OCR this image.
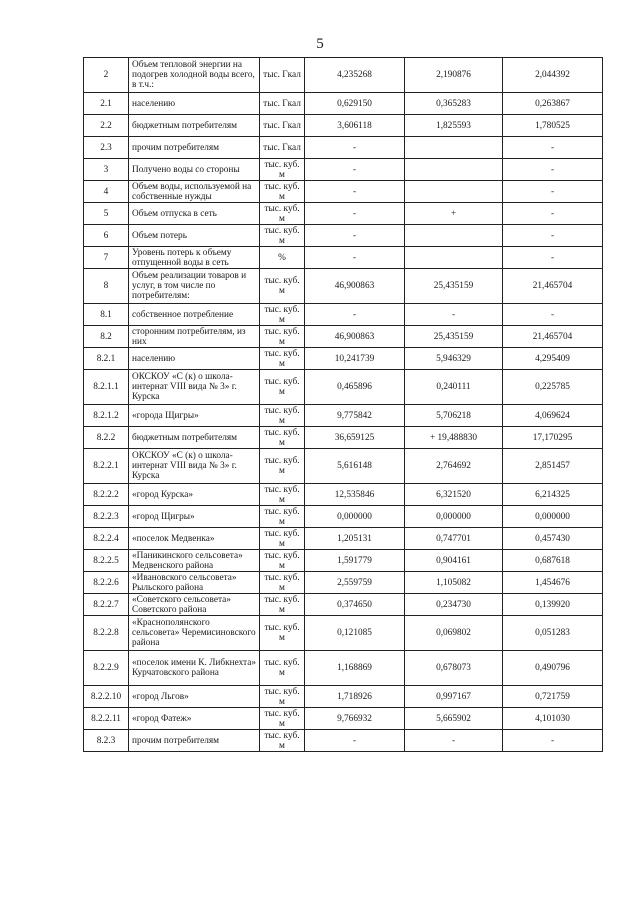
5
2	Объем тепловой энергии на подогрев холодной воды всего, в т.ч.:	тыс. Гкал	4,235268	2,190876	2,044392
2.1	населению	тыс. Гкал	0,629150	0,365283	0,263867
2.2	бюджетным потребителям	тыс. Гкал	3,606118	1,825593	1,780525
2.3	прочим потребителям	тыс. Гкал	-		-
3	Получено воды со стороны	тыс. куб. м	-		-
4	Объем воды, используемой на собственные нужды	тыс. куб. м	-		-
5	Объем отпуска в сеть	тыс. куб. м	-	+	-
6	Объем потерь	тыс. куб. м	-		-
7	Уровень потерь к объему отпущенной воды в сеть	%	-		-
8	Объем реализации товаров и услуг, в том числе по потребителям:	тыс. куб. м	46,900863	25,435159	21,465704
8.1	собственное потребление	тыс. куб. м	-	-	-
8.2	сторонним потребителям, из них	тыс. куб. м	46,900863	25,435159	21,465704
8.2.1	населению	тыс. куб. м	10,241739	5,946329	4,295409
8.2.1.1	ОКСКОУ «С (к) о школа-интернат VIII вида № 3» г. Курска	тыс. куб. м	0,465896	0,240111	0,225785
8.2.1.2	«города Щигры»	тыс. куб. м	9,775842	5,706218	4,069624
8.2.2	бюджетным потребителям	тыс. куб. м	36,659125	+ 19,488830	17,170295
8.2.2.1	ОКСКОУ «С (к) о школа-интернат VIII вида № 3» г. Курска	тыс. куб. м	5,616148	2,764692	2,851457
8.2.2.2	«город Курска»	тыс. куб. м	12,535846	6,321520	6,214325
8.2.2.3	«город Щигры»	тыс. куб. м	0,000000	0,000000	0,000000
8.2.2.4	«поселок Медвенка»	тыс. куб. м	1,205131	0,747701	0,457430
8.2.2.5	«Паникинского сельсовета» Медвенского района	тыс. куб. м	1,591779	0,904161	0,687618
8.2.2.6	«Ивановского сельсовета» Рыльского района	тыс. куб. м	2,559759	1,105082	1,454676
8.2.2.7	«Советского сельсовета» Советского района	тыс. куб. м	0,374650	0,234730	0,139920
8.2.2.8	«Краснополянского сельсовета» Черемисиновского района	тыс. куб. м	0,121085	0,069802	0,051283
8.2.2.9	«поселок имени К. Либкнехта» Курчатовского района	тыс. куб. м	1,168869	0,678073	0,490796
8.2.2.10	«город Льгов»	тыс. куб. м	1,718926	0,997167	0,721759
8.2.2.11	«город Фатеж»	тыс. куб. м	9,766932	5,665902	4,101030
8.2.3	прочим потребителям	тыс. куб. м	-	-	-
